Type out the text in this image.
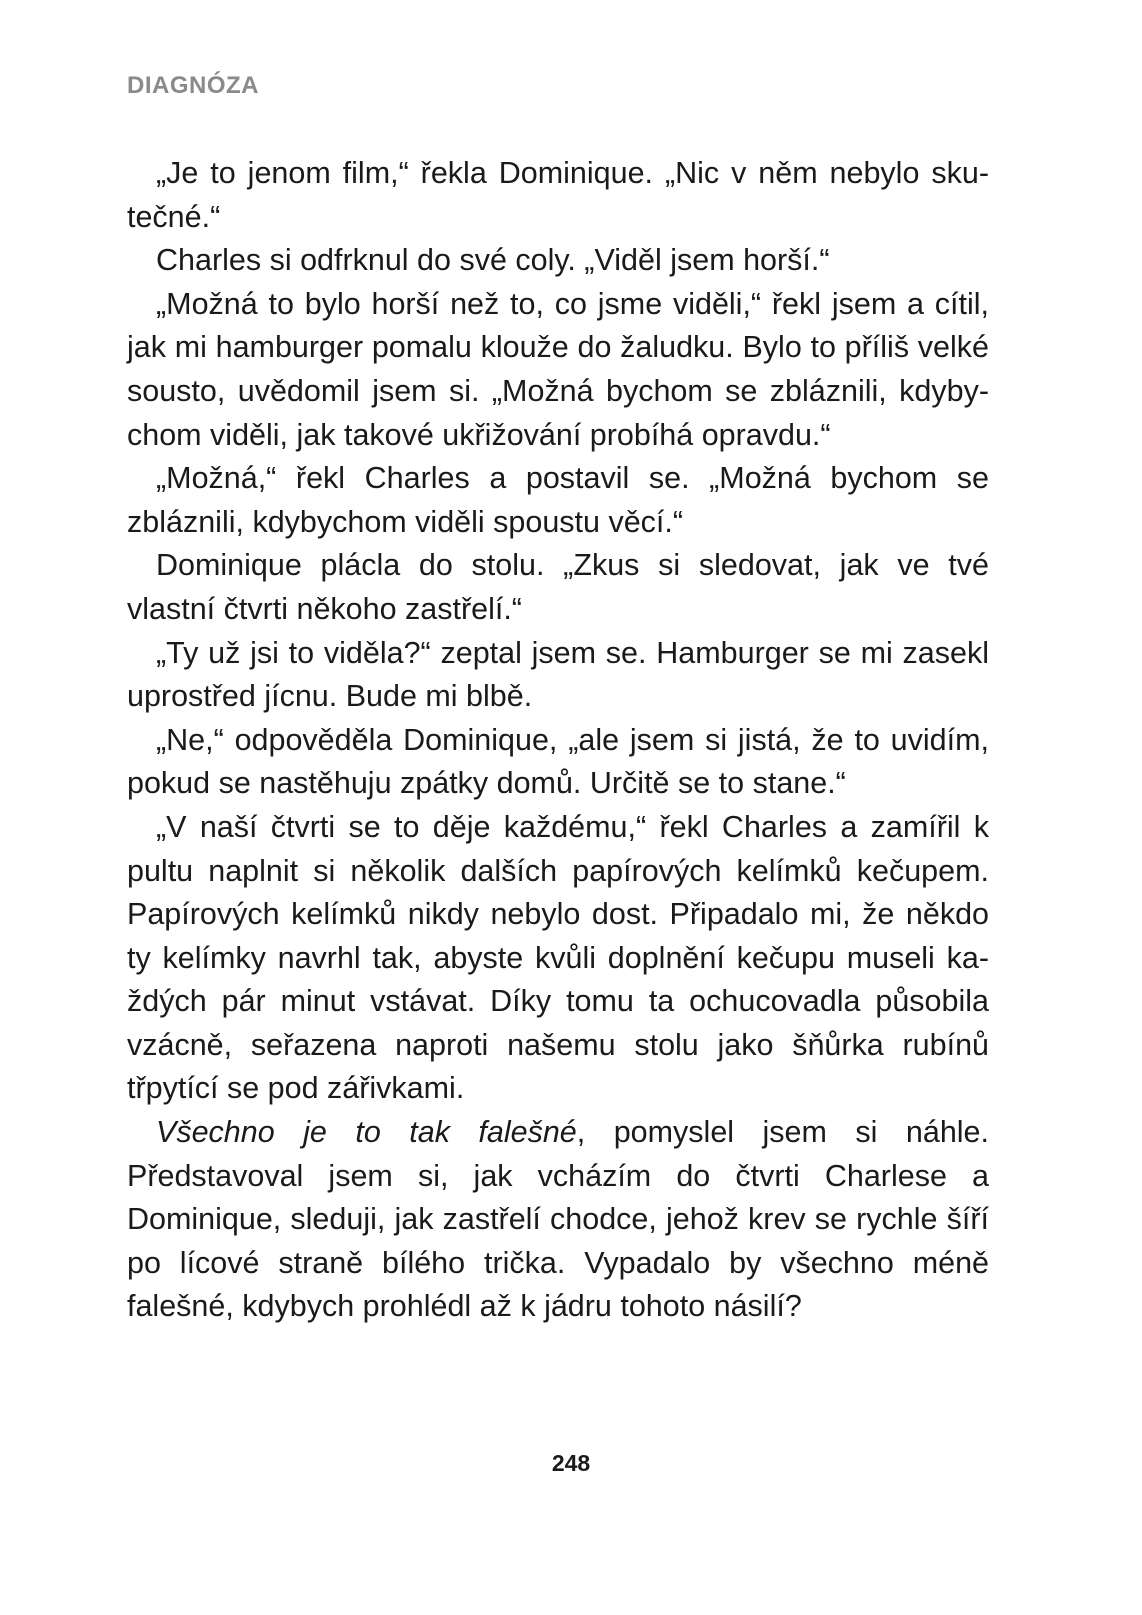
DIAGNÓZA

„Je to jenom film,“ řekla Dominique. „Nic v něm nebylo skutečné.“

Charles si odfrknul do své coly. „Viděl jsem horší.“

„Možná to bylo horší než to, co jsme viděli,“ řekl jsem a cítil, jak mi hamburger pomalu klouže do žaludku. Bylo to příliš velké sousto, uvědomil jsem si. „Možná bychom se zbláznili, kdybychom viděli, jak takové ukřižování probíhá opravdu.“

„Možná,“ řekl Charles a postavil se. „Možná bychom se zbláznili, kdybychom viděli spoustu věcí.“

Dominique plácla do stolu. „Zkus si sledovat, jak ve tvé vlastní čtvrti někoho zastřelí.“

„Ty už jsi to viděla?“ zeptal jsem se. Hamburger se mi zasekl uprostřed jícnu. Bude mi blbě.

„Ne,“ odpověděla Dominique, „ale jsem si jistá, že to uvidím, pokud se nastěhuju zpátky domů. Určitě se to stane.“

„V naší čtvrti se to děje každému,“ řekl Charles a zamířil k pultu naplnit si několik dalších papírových kelímků kečupem. Papírových kelímků nikdy nebylo dost. Připadalo mi, že někdo ty kelímky navrhl tak, abyste kvůli doplnění kečupu museli každých pár minut vstávat. Díky tomu ta ochucovadla působila vzácně, seřazena naproti našemu stolu jako šňůrka rubínů třpytící se pod zářivkami.

Všechno je to tak falešné, pomyslel jsem si náhle. Představoval jsem si, jak vcházím do čtvrti Charlese a Dominique, sleduji, jak zastřelí chodce, jehož krev se rychle šíří po lícové straně bílého trička. Vypadalo by všechno méně falešné, kdybych prohlédl až k jádru tohoto násilí?

248
